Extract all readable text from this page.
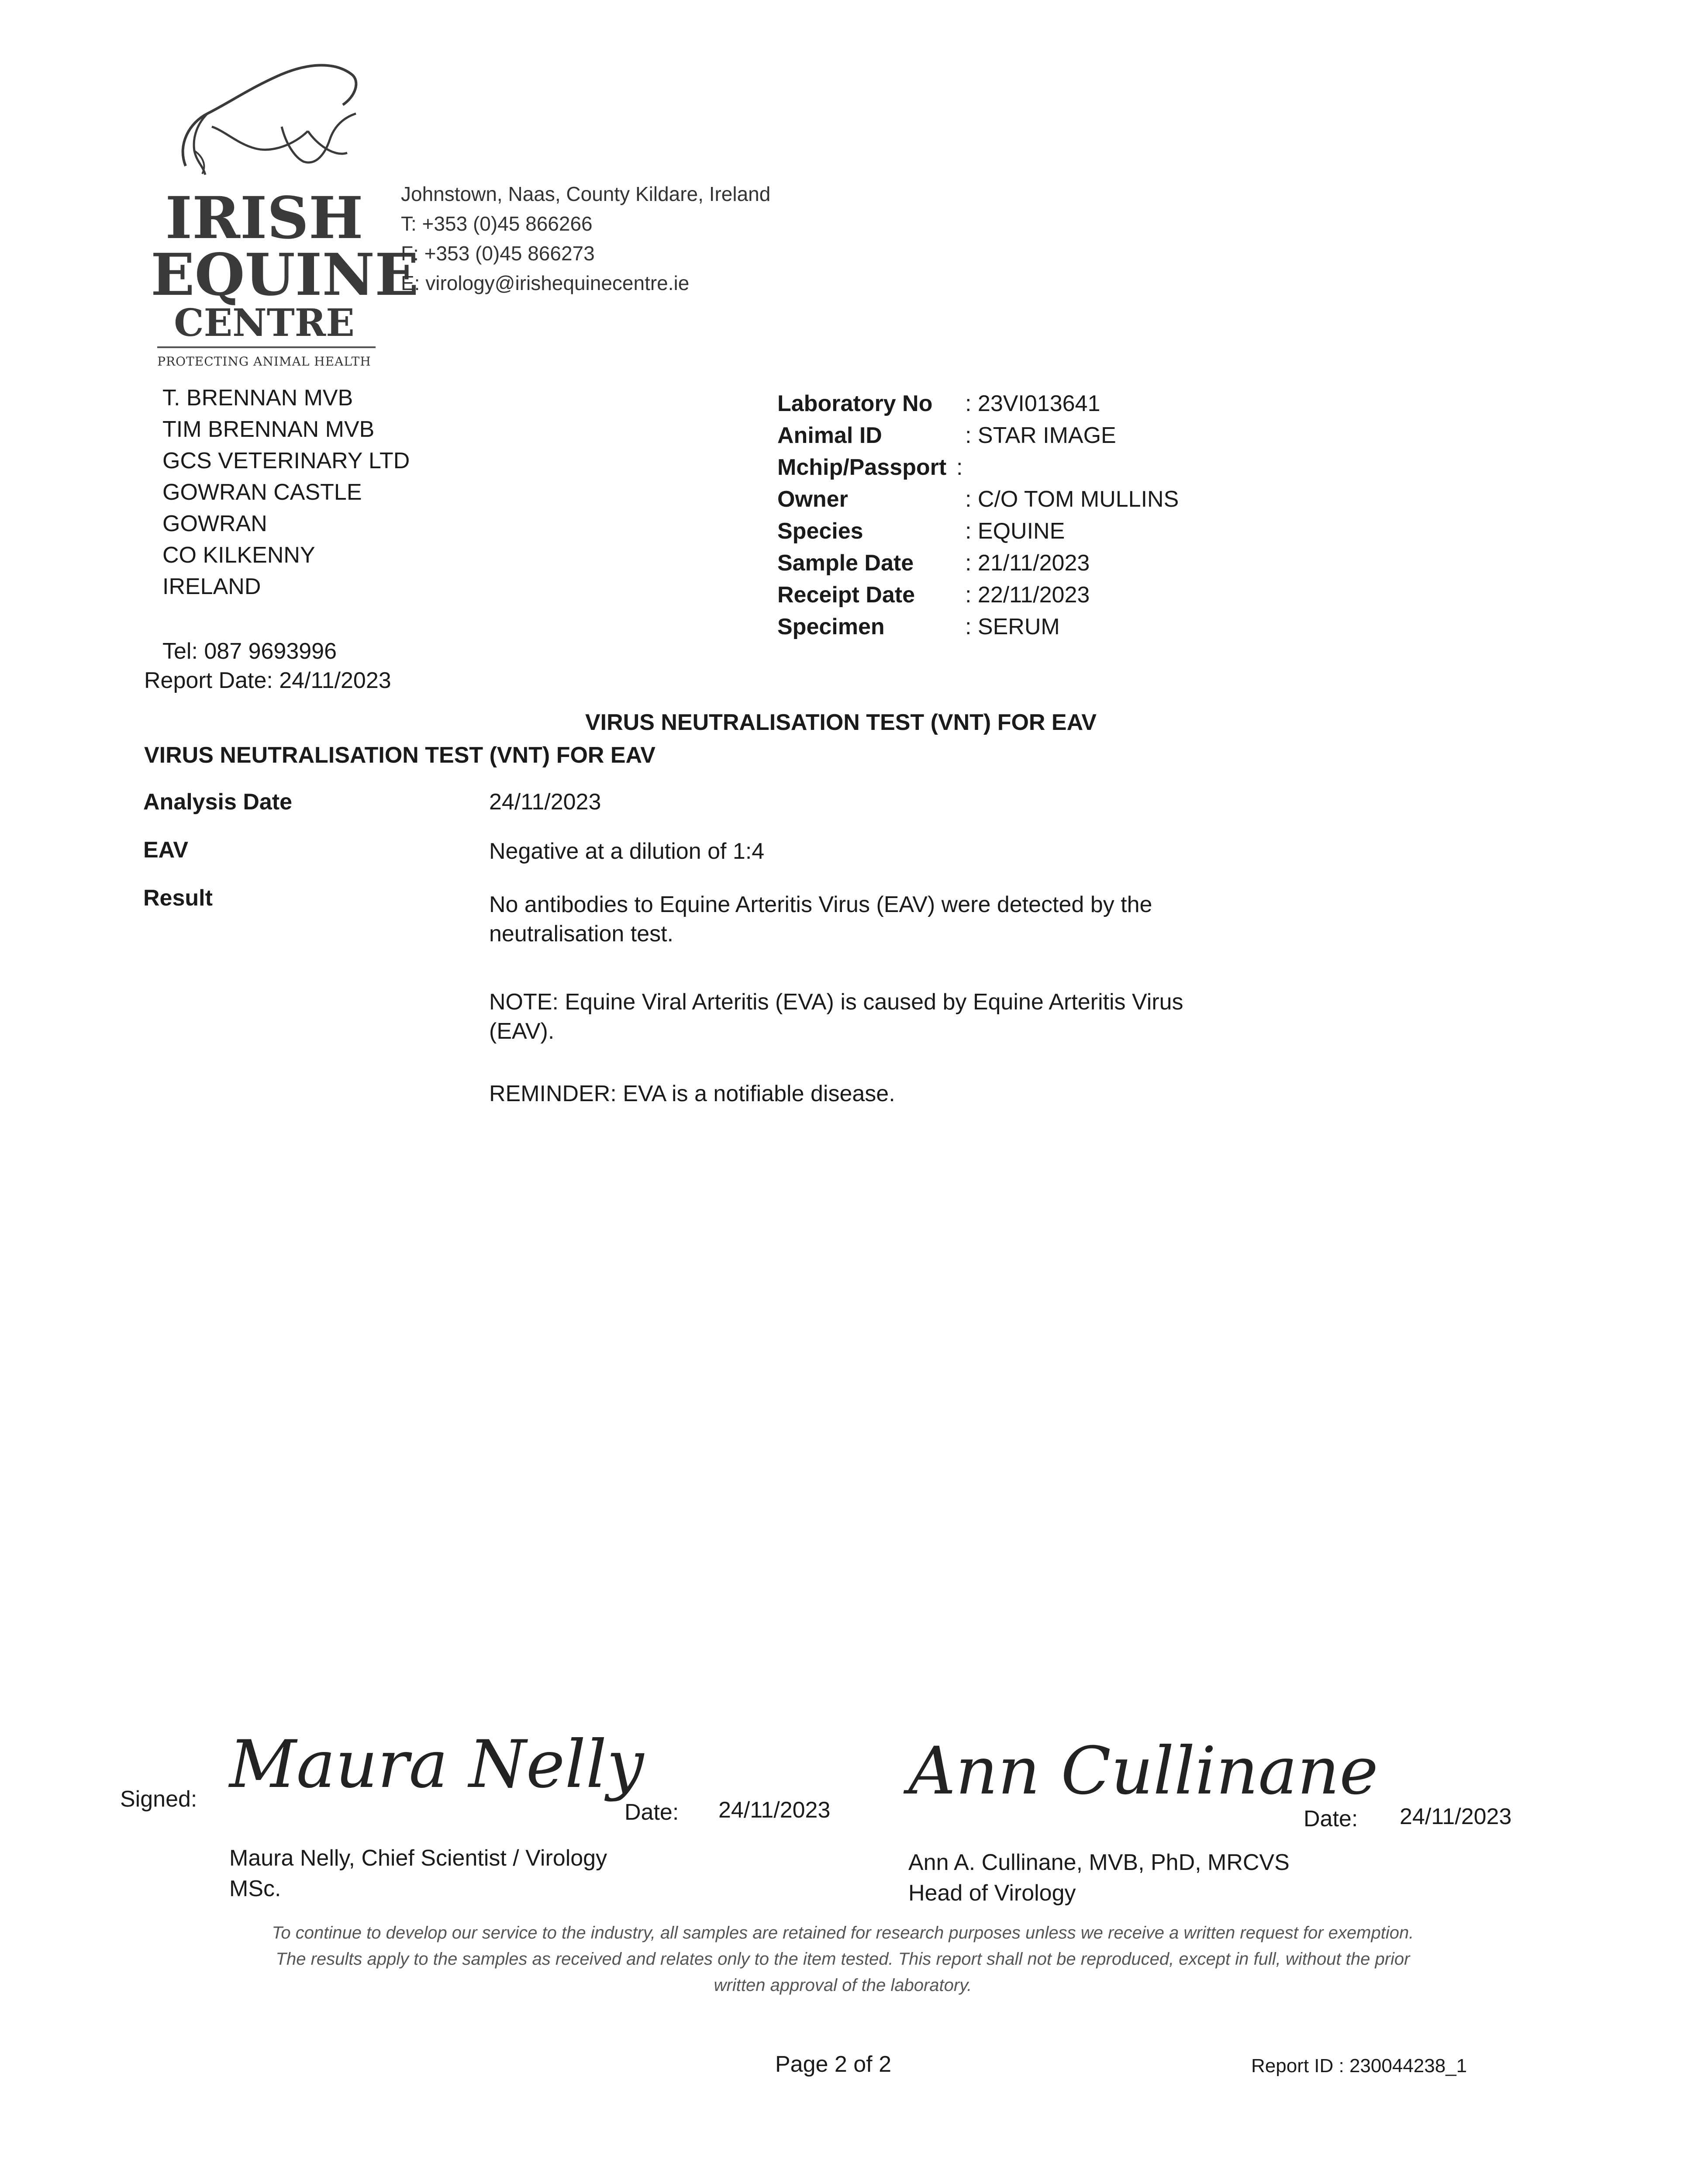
IRISH
EQUINE
CENTRE
PROTECTING ANIMAL HEALTH
Johnstown, Naas, County Kildare, Ireland
T: +353 (0)45 866266
F: +353 (0)45 866273
E: virology@irishequinecentre.ie
T. BRENNAN MVB
TIM BRENNAN MVB
GCS VETERINARY LTD
GOWRAN CASTLE
GOWRAN
CO KILKENNY
IRELAND
Tel: 087 9693996
Report Date: 24/11/2023
Laboratory No : 23VI013641
Animal ID	: STAR IMAGE
Mchip/Passport :
Owner	: C/O TOM MULLINS
Species	: EQUINE
Sample Date : 21/11/2023
Receipt Date : 22/11/2023
Specimen	: SERUM
VIRUS NEUTRALISATION TEST (VNT) FOR EAV
VIRUS NEUTRALISATION TEST (VNT) FOR EAV
Analysis Date	24/11/2023
EAV	Negative at a dilution of 1:4
Result	No antibodies to Equine Arteritis Virus (EAV) were detected by the
neutralisation test.
NOTE: Equine Viral Arteritis (EVA) is caused by Equine Arteritis Virus
(EAV).
REMINDER: EVA is a notifiable disease.
Signed: Maura Nelly
Date: 24/11/2023
Maura Nelly, Chief Scientist / Virology
MSc.
Ann Cullinane
Date: 24/11/2023
Ann A. Cullinane, MVB, PhD, MRCVS
Head of Virology
To continue to develop our service to the industry, all samples are retained for research purposes unless we receive a written request for exemption.
The results apply to the samples as received and relates only to the item tested. This report shall not be reproduced, except in full, without the prior
written approval of the laboratory.
Page 2 of 2	Report ID : 230044238_1
